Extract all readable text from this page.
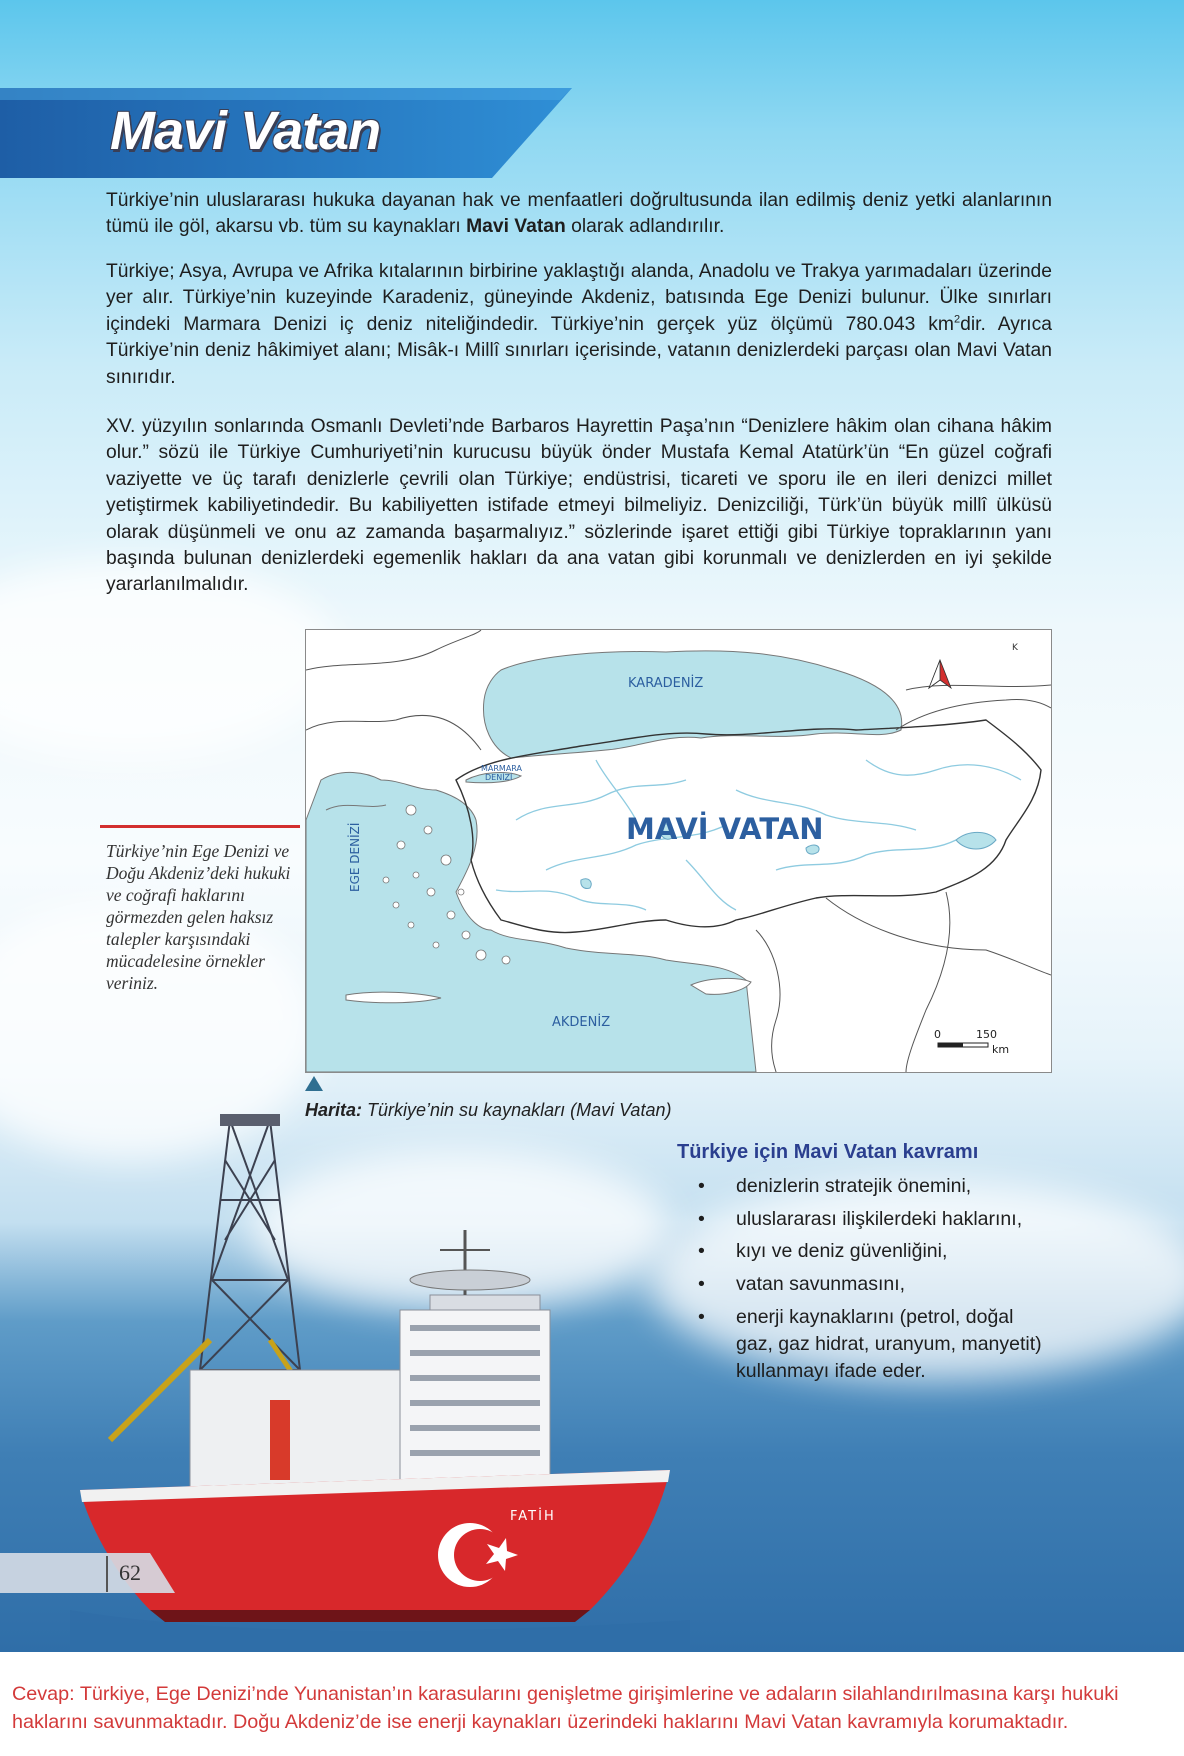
Mavi Vatan

Türkiye’nin uluslararası hukuka dayanan hak ve menfaatleri doğrultusunda ilan edilmiş deniz yetki alanlarının tümü ile göl, akarsu vb. tüm su kaynakları Mavi Vatan olarak adlandırılır.

Türkiye; Asya, Avrupa ve Afrika kıtalarının birbirine yaklaştığı alanda, Anadolu ve Trakya yarımadaları üzerinde yer alır. Türkiye’nin kuzeyinde Karadeniz, güneyinde Akdeniz, batısında Ege Denizi bulunur. Ülke sınırları içindeki Marmara Denizi iç deniz niteliğindedir. Türkiye’nin gerçek yüz ölçümü 780.043 $km^2dir$. Ayrıca Türkiye’nin deniz hâkimiyet alanı; Misâk-ı Millî sınırları içerisinde, vatanın denizlerdeki parçası olan Mavi Vatan sınırıdır.

XV. yüzyılın sonlarında Osmanlı Devleti’nde Barbaros Hayrettin Paşa’nın “Denizlere hâkim olan cihana hâkim olur.” sözü ile Türkiye Cumhuriyeti’nin kurucusu büyük önder Mustafa Kemal Atatürk’ün “En güzel coğrafi vaziyette ve üç tarafı denizlerle çevrili olan Türkiye; endüstrisi, ticareti ve sporu ile en ileri denizci millet yetiştirmek kabiliyetindedir. Bu kabiliyetten istifade etmeyi bilmeliyiz. Denizciliği, Türk’ün büyük millî ülküsü olarak düşünmeli ve onu az zamanda başarmalıyız.” sözlerinde işaret ettiği gibi Türkiye topraklarının yanı başında bulunan denizlerdeki egemenlik hakları da ana vatan gibi korunmalı ve denizlerden en iyi şekilde yararlanılmalıdır.

KARADENİZ
MARMARA
DENİZİ
MAVİ VATAN
EGE DENİZİ
AKDENİZ
K
0	150
km

Türkiye’nin Ege Denizi ve Doğu Akdeniz’deki hukuki ve coğrafi haklarını görmezden gelen haksız talepler karşısındaki mücadelesine örnekler veriniz.

Harita: Türkiye’nin su kaynakları (Mavi Vatan)
FATİH
Türkiye için Mavi Vatan kavramı
• denizlerin stratejik önemini,
• uluslararası ilişkilerdeki haklarını,
• kıyı ve deniz güvenliğini,
• vatan savunmasını,
• enerji kaynaklarını (petrol, doğal gaz, gaz hidrat, uranyum, manyetit) kullanmayı ifade eder.
62

Cevap: Türkiye, Ege Denizi’nde Yunanistan’ın karasularını genişletme girişimlerine ve adaların silahlandırılmasına karşı hukuki haklarını savunmaktadır. Doğu Akdeniz’de ise enerji kaynakları üzerindeki haklarını Mavi Vatan kavramıyla korumaktadır.
